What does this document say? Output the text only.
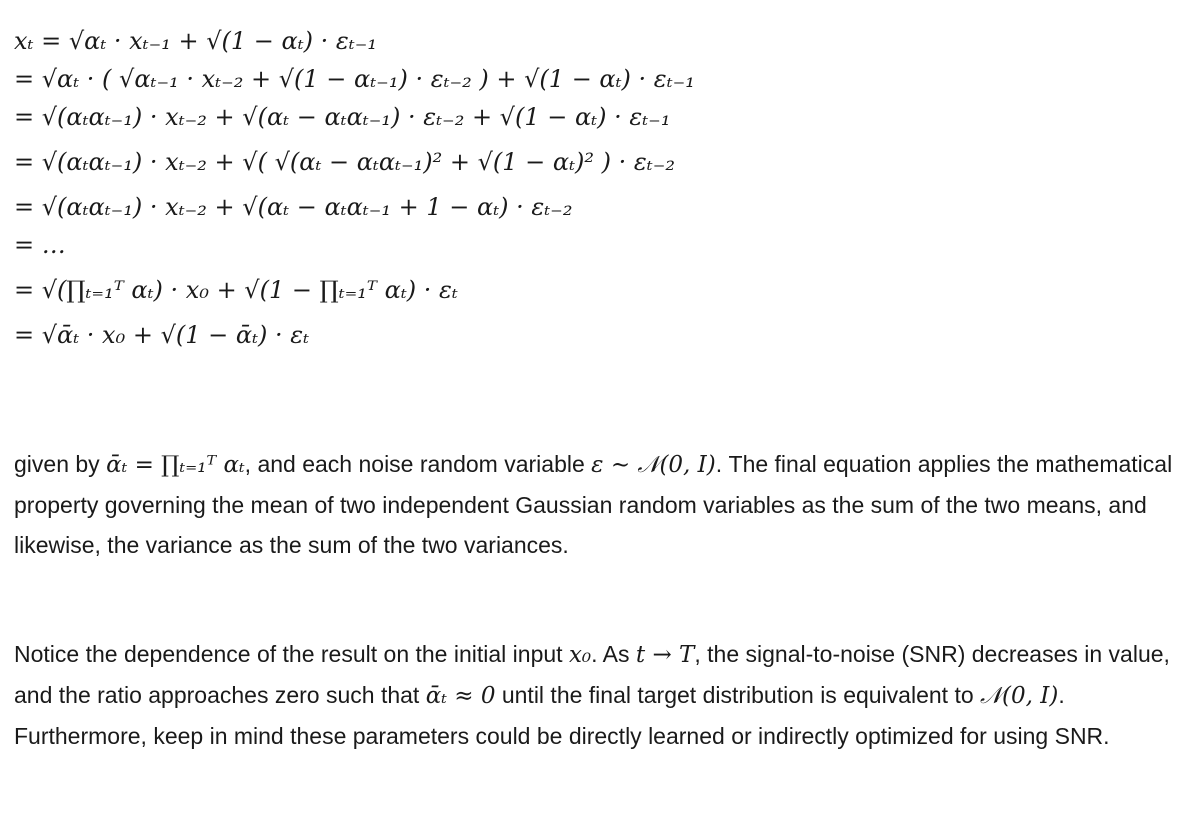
xₜ = √αₜ · xₜ₋₁ + √(1 − αₜ) · εₜ₋₁
= √αₜ · ( √αₜ₋₁ · xₜ₋₂ + √(1 − αₜ₋₁) · εₜ₋₂ ) + √(1 − αₜ) · εₜ₋₁
= √(αₜαₜ₋₁) · xₜ₋₂ + √(αₜ − αₜαₜ₋₁) · εₜ₋₂ + √(1 − αₜ) · εₜ₋₁
= √(αₜαₜ₋₁) · xₜ₋₂ + √( √(αₜ − αₜαₜ₋₁)² + √(1 − αₜ)² ) · εₜ₋₂
= √(αₜαₜ₋₁) · xₜ₋₂ + √(αₜ − αₜαₜ₋₁ + 1 − αₜ) · εₜ₋₂
= …
= √(∏ₜ₌₁ᵀ αₜ) · x₀ + √(1 − ∏ₜ₌₁ᵀ αₜ) · εₜ
= √ᾱₜ · x₀ + √(1 − ᾱₜ) · εₜ

given by ᾱₜ = ∏ₜ₌₁ᵀ αₜ, and each noise random variable ε ∼ 𝒩(0, 𝐼). The final equation applies the mathematical property governing the mean of two independent Gaussian random variables as the sum of the two means, and likewise, the variance as the sum of the two variances.

Notice the dependence of the result on the initial input x₀. As t → T, the signal-to-noise (SNR) decreases in value, and the ratio approaches zero such that ᾱₜ ≈ 0 until the final target distribution is equivalent to 𝒩(0, 𝐼). Furthermore, keep in mind these parameters could be directly learned or indirectly optimized for using SNR.
